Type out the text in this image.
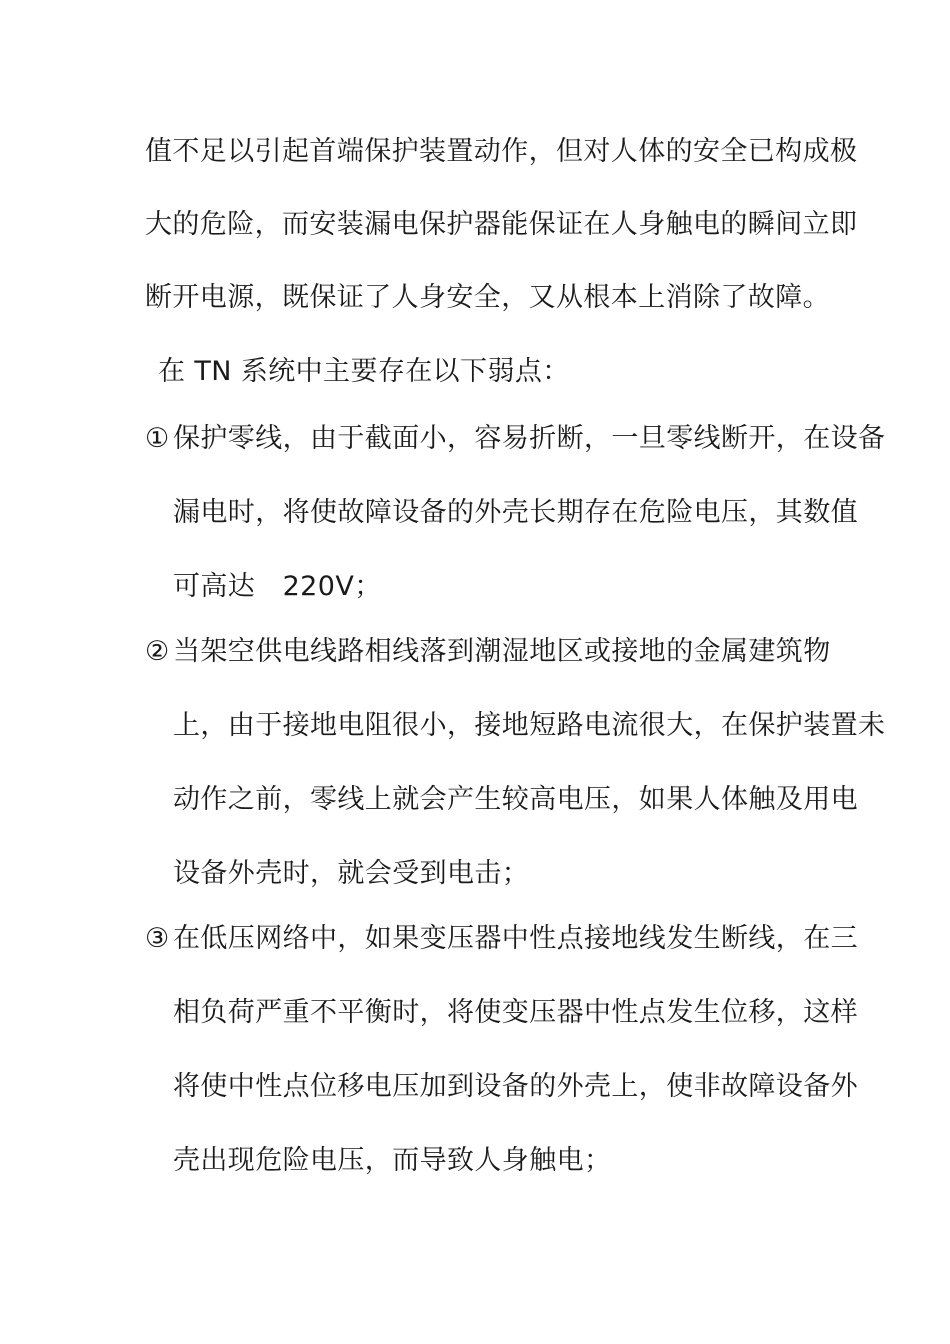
值不足以引起首端保护装置动作，但对人体的安全已构成极
大的危险，而安装漏电保护器能保证在人身触电的瞬间立即
断开电源，既保证了人身安全，又从根本上消除了故障。
在 TN 系统中主要存在以下弱点：
① 保护零线，由于截面小，容易折断，一旦零线断开，在设备
漏电时，将使故障设备的外壳长期存在危险电压，其数值
可高达　220V；
② 当架空供电线路相线落到潮湿地区或接地的金属建筑物
上，由于接地电阻很小，接地短路电流很大，在保护装置未
动作之前，零线上就会产生较高电压，如果人体触及用电
设备外壳时，就会受到电击；
③ 在低压网络中，如果变压器中性点接地线发生断线，在三
相负荷严重不平衡时，将使变压器中性点发生位移，这样
将使中性点位移电压加到设备的外壳上，使非故障设备外
壳出现危险电压，而导致人身触电；
